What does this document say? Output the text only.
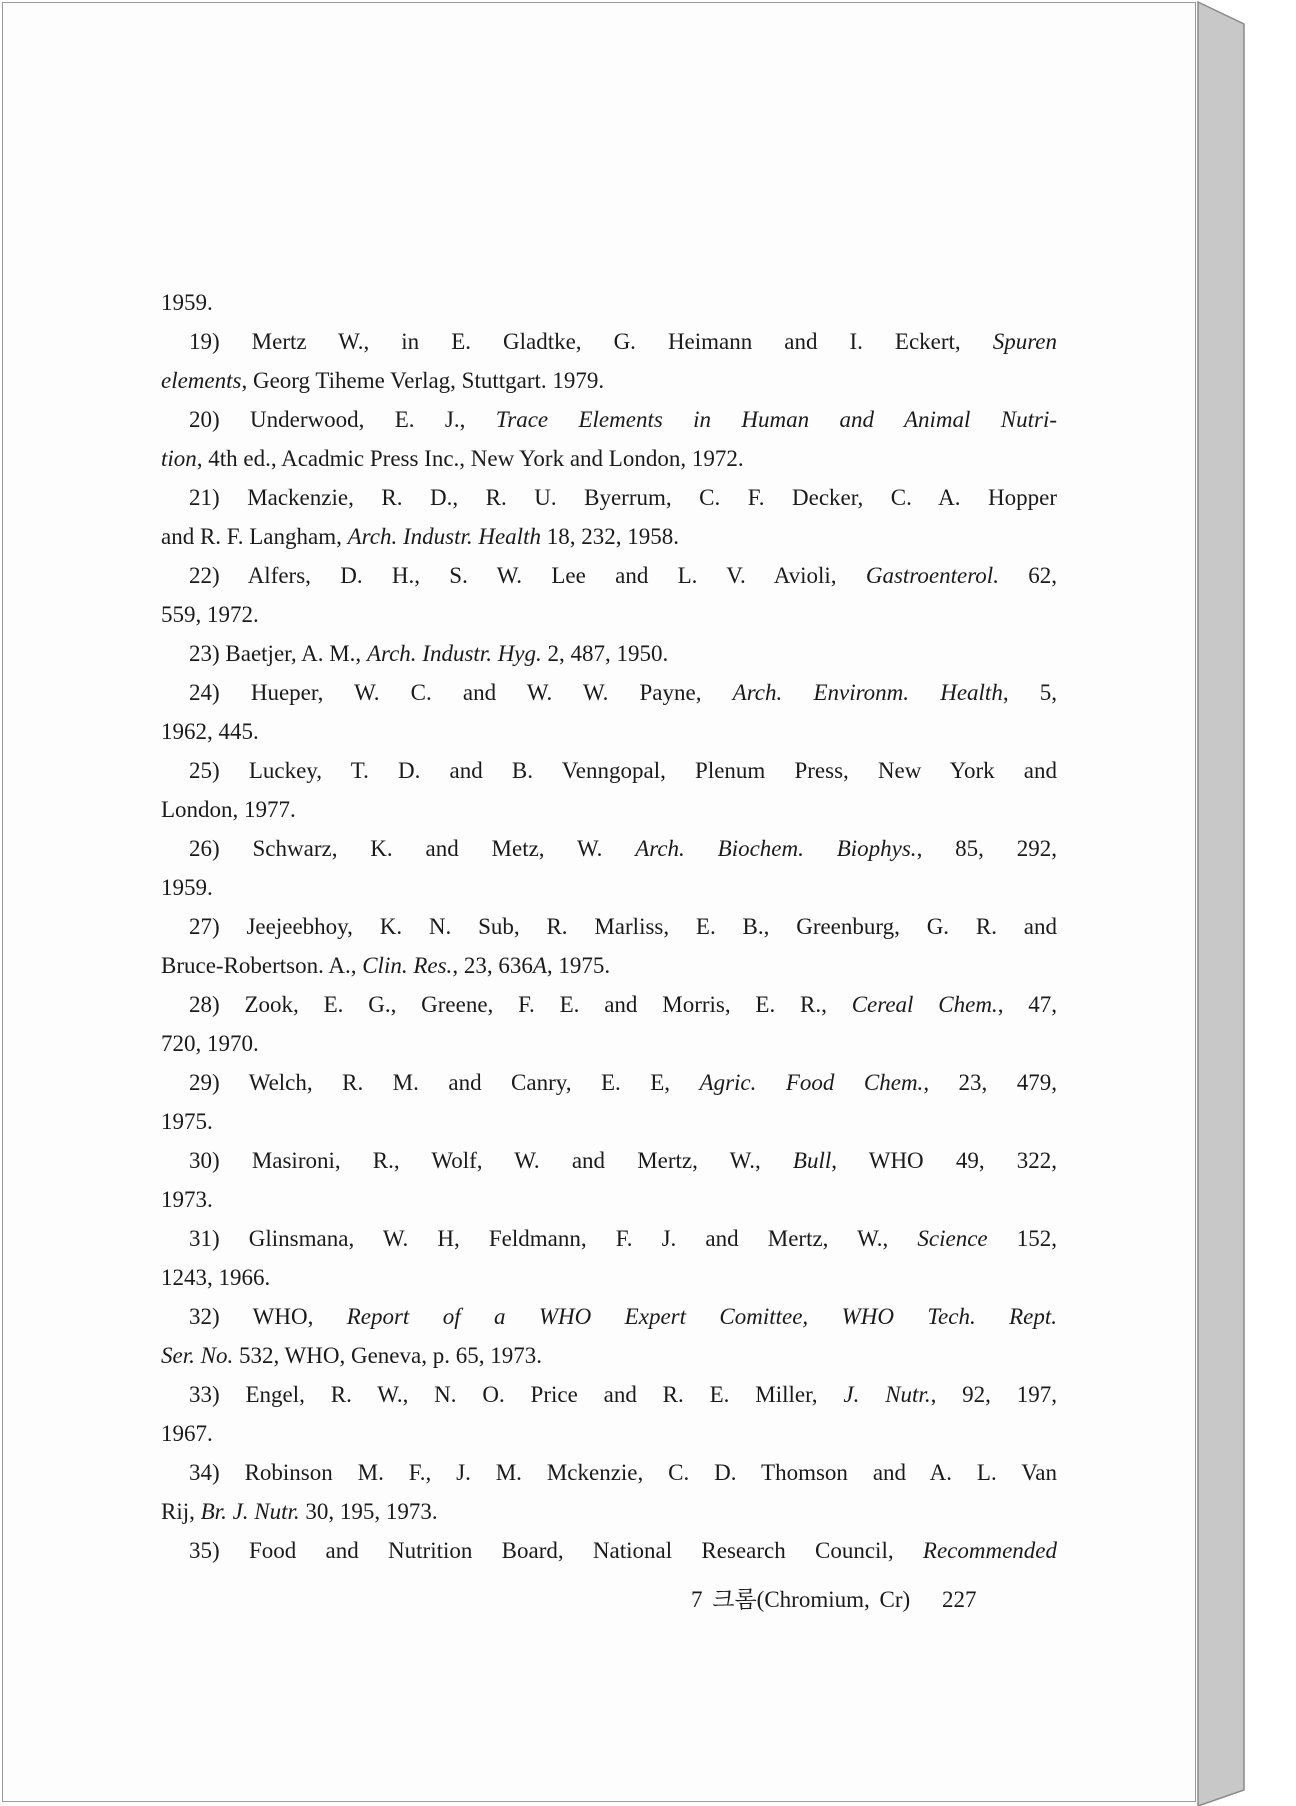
1959.
19) Mertz W., in E. Gladtke, G. Heimann and I. Eckert, Spuren
elements, Georg Tiheme Verlag, Stuttgart. 1979.
20) Underwood, E. J., Trace Elements in Human and Animal Nutri-
tion, 4th ed., Acadmic Press Inc., New York and London, 1972.
21) Mackenzie, R. D., R. U. Byerrum, C. F. Decker, C. A. Hopper
and R. F. Langham, Arch. Industr. Health 18, 232, 1958.
22) Alfers, D. H., S. W. Lee and L. V. Avioli, Gastroenterol. 62,
559, 1972.
23) Baetjer, A. M., Arch. Industr. Hyg. 2, 487, 1950.
24) Hueper, W. C. and W. W. Payne, Arch. Environm. Health, 5,
1962, 445.
25) Luckey, T. D. and B. Venngopal, Plenum Press, New York and
London, 1977.
26) Schwarz, K. and Metz, W. Arch. Biochem. Biophys., 85, 292,
1959.
27) Jeejeebhoy, K. N. Sub, R. Marliss, E. B., Greenburg, G. R. and
Bruce-Robertson. A., Clin. Res., 23, 636A, 1975.
28) Zook, E. G., Greene, F. E. and Morris, E. R., Cereal Chem., 47,
720, 1970.
29) Welch, R. M. and Canry, E. E, Agric. Food Chem., 23, 479,
1975.
30) Masironi, R., Wolf, W. and Mertz, W., Bull, WHO 49, 322,
1973.
31) Glinsmana, W. H, Feldmann, F. J. and Mertz, W., Science 152,
1243, 1966.
32) WHO, Report of a WHO Expert Comittee, WHO Tech. Rept.
Ser. No. 532, WHO, Geneva, p. 65, 1973.
33) Engel, R. W., N. O. Price and R. E. Miller, J. Nutr., 92, 197,
1967.
34) Robinson M. F., J. M. Mckenzie, C. D. Thomson and A. L. Van
Rij, Br. J. Nutr. 30, 195, 1973.
35) Food and Nutrition Board, National Research Council, Recommended
7 크롬(Chromium, Cr) 227
